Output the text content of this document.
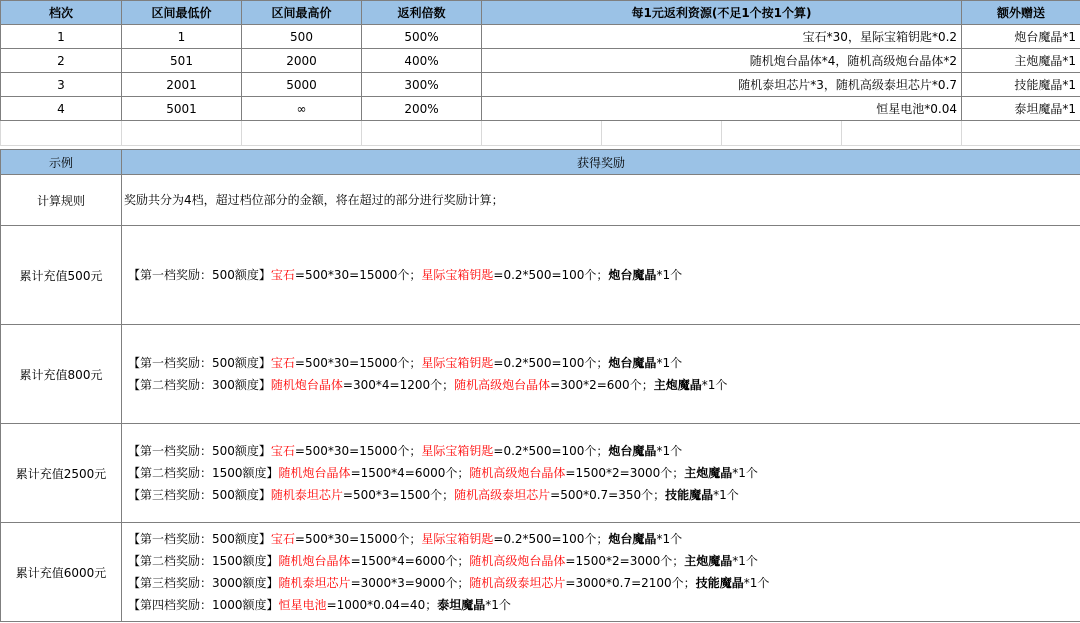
档次	区间最低价	区间最高价	返利倍数	每1元返利资源(不足1个按1个算)				额外赠送
1	1	500	500%	宝石*30，星际宝箱钥匙*0.2				炮台魔晶*1
2	501	2000	400%	随机炮台晶体*4，随机高级炮台晶体*2				主炮魔晶*1
3	2001	5000	300%	随机泰坦芯片*3，随机高级泰坦芯片*0.7				技能魔晶*1
4	5001	∞	200%	恒星电池*0.04				泰坦魔晶*1

示例	获得奖励
计算规则	奖励共分为4档，超过档位部分的金额，将在超过的部分进行奖励计算；
累计充值500元	【第一档奖励：500额度】宝石=500*30=15000个；星际宝箱钥匙=0.2*500=100个；炮台魔晶*1个

累计充值800元	【第一档奖励：500额度】宝石=500*30=15000个；星际宝箱钥匙=0.2*500=100个；炮台魔晶*1个
【第二档奖励：300额度】随机炮台晶体=300*4=1200个；随机高级炮台晶体=300*2=600个；主炮魔晶*1个

累计充值2500元	【第一档奖励：500额度】宝石=500*30=15000个；星际宝箱钥匙=0.2*500=100个；炮台魔晶*1个
【第二档奖励：1500额度】随机炮台晶体=1500*4=6000个；随机高级炮台晶体=1500*2=3000个；主炮魔晶*1个
【第三档奖励：500额度】随机泰坦芯片=500*3=1500个；随机高级泰坦芯片=500*0.7=350个；技能魔晶*1个

累计充值6000元	【第一档奖励：500额度】宝石=500*30=15000个；星际宝箱钥匙=0.2*500=100个；炮台魔晶*1个
【第二档奖励：1500额度】随机炮台晶体=1500*4=6000个；随机高级炮台晶体=1500*2=3000个；主炮魔晶*1个
【第三档奖励：3000额度】随机泰坦芯片=3000*3=9000个；随机高级泰坦芯片=3000*0.7=2100个；技能魔晶*1个
【第四档奖励：1000额度】恒星电池=1000*0.04=40；泰坦魔晶*1个
